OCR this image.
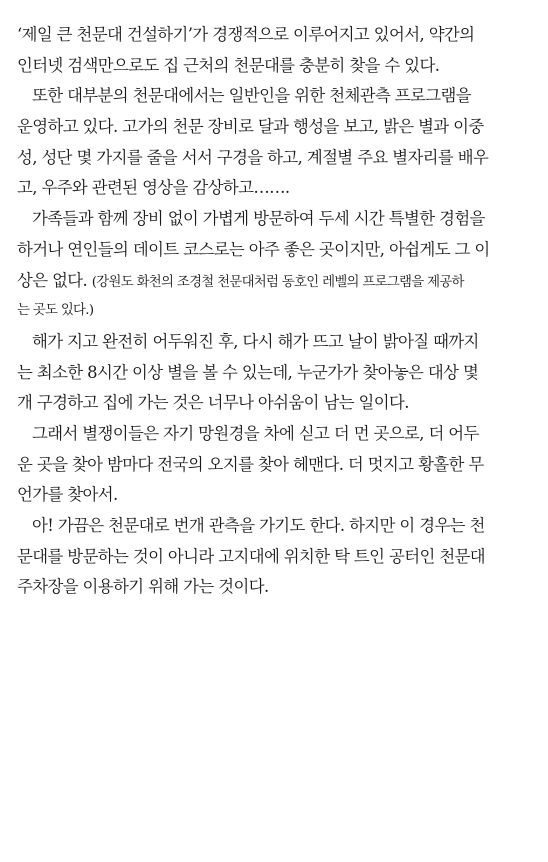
‘제일 큰 천문대 건설하기’가 경쟁적으로 이루어지고 있어서, 약간의
인터넷 검색만으로도 집 근처의 천문대를 충분히 찾을 수 있다.
또한 대부분의 천문대에서는 일반인을 위한 천체관측 프로그램을
운영하고 있다. 고가의 천문 장비로 달과 행성을 보고, 밝은 별과 이중
성, 성단 몇 가지를 줄을 서서 구경을 하고, 계절별 주요 별자리를 배우
고, 우주와 관련된 영상을 감상하고…….
가족들과 함께 장비 없이 가볍게 방문하여 두세 시간 특별한 경험을
하거나 연인들의 데이트 코스로는 아주 좋은 곳이지만, 아쉽게도 그 이
상은 없다. (강원도 화천의 조경철 천문대처럼 동호인 레벨의 프로그램을 제공하
는 곳도 있다.)
해가 지고 완전히 어두워진 후, 다시 해가 뜨고 날이 밝아질 때까지
는 최소한 8시간 이상 별을 볼 수 있는데, 누군가가 찾아놓은 대상 몇
개 구경하고 집에 가는 것은 너무나 아쉬움이 남는 일이다.
그래서 별쟁이들은 자기 망원경을 차에 싣고 더 먼 곳으로, 더 어두
운 곳을 찾아 밤마다 전국의 오지를 찾아 헤맨다. 더 멋지고 황홀한 무
언가를 찾아서.
아! 가끔은 천문대로 번개 관측을 가기도 한다. 하지만 이 경우는 천
문대를 방문하는 것이 아니라 고지대에 위치한 탁 트인 공터인 천문대
주차장을 이용하기 위해 가는 것이다.
